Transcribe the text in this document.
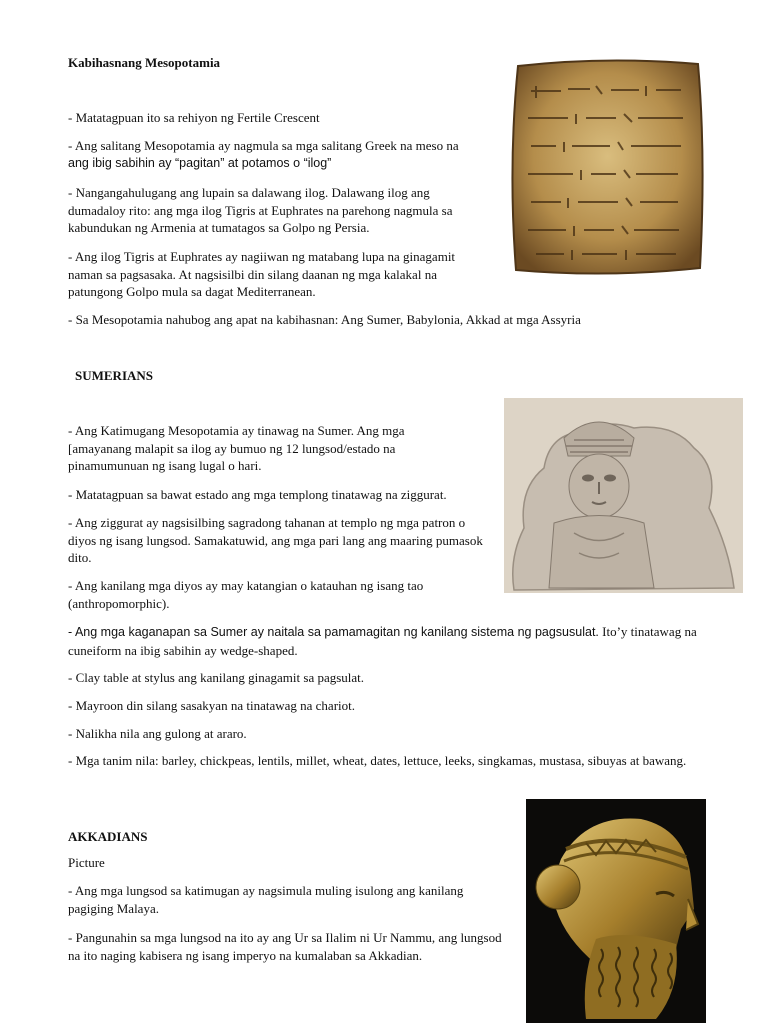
Kabihasnang Mesopotamia
- Matatagpuan ito sa rehiyon ng Fertile Crescent
- Ang salitang Mesopotamia ay nagmula sa mga salitang Greek na meso na
ang ibig sabihin ay “pagitan” at potamos o “ilog”
- Nangangahulugang ang lupain sa dalawang ilog. Dalawang ilog ang dumadaloy rito: ang mga ilog Tigris at Euphrates na parehong nagmula sa kabundukan ng Armenia at tumatagos sa Golpo ng Persia.
- Ang ilog Tigris at Euphrates ay nagiiwan ng matabang lupa na ginagamit naman sa pagsasaka. At nagsisilbi din silang daanan ng mga kalakal na patungong Golpo mula sa dagat Mediterranean.
- Sa Mesopotamia nahubog ang apat na kabihasnan: Ang Sumer, Babylonia, Akkad at mga Assyria
SUMERIANS
- Ang Katimugang Mesopotamia ay tinawag na Sumer. Ang mga [amayanang malapit sa ilog ay bumuo ng 12 lungsod/estado na pinamumunuan ng isang lugal o hari.
- Matatagpuan sa bawat estado ang mga templong tinatawag na ziggurat.
- Ang ziggurat ay nagsisilbing sagradong tahanan at templo ng mga patron o diyos ng isang lungsod. Samakatuwid, ang mga pari lang ang maaring pumasok dito.
- Ang kanilang mga diyos ay may katangian o katauhan ng isang tao (anthropomorphic).
- Ang mga kaganapan sa Sumer ay naitala sa pamamagitan ng kanilang sistema ng pagsusulat. Ito’y tinatawag na cuneiform na ibig sabihin ay wedge-shaped.
- Clay table at stylus ang kanilang ginagamit sa pagsulat.
- Mayroon din silang sasakyan na tinatawag na chariot.
- Nalikha nila ang gulong at araro.
- Mga tanim nila: barley, chickpeas, lentils, millet, wheat, dates, lettuce, leeks, singkamas, mustasa, sibuyas at bawang.
AKKADIANS
Picture
- Ang mga lungsod sa katimugan ay nagsimula muling isulong ang kanilang pagiging Malaya.
- Pangunahin sa mga lungsod na ito ay ang Ur sa Ilalim ni Ur Nammu, ang lungsod na ito naging kabisera ng isang imperyo na kumalaban sa Akkadian.
